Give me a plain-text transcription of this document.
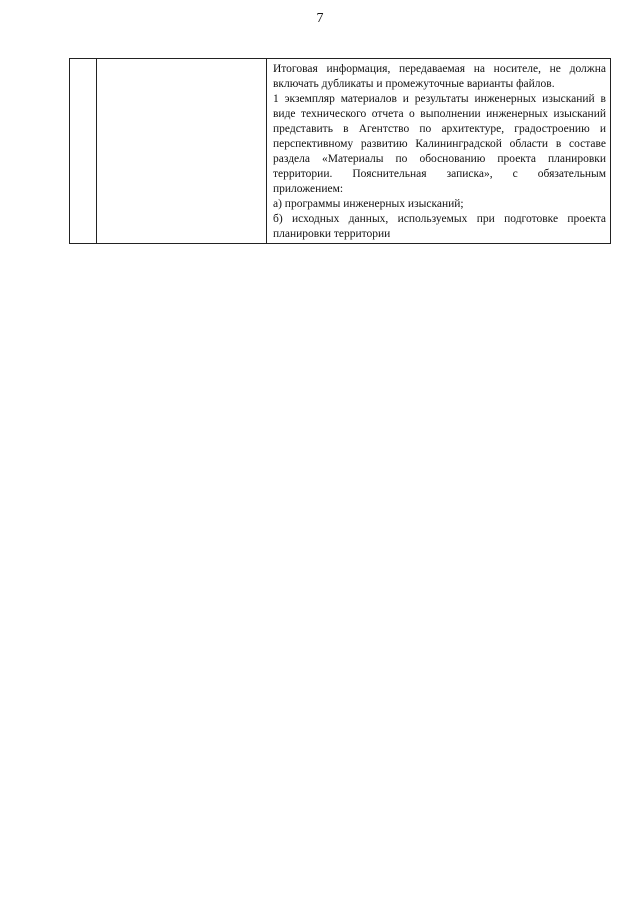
7

Итоговая информация, передаваемая на носителе, не должна включать дубликаты и промежуточные варианты файлов.

1 экземпляр материалов и результаты инженерных изысканий в виде технического отчета о выполнении инженерных изысканий представить в Агентство по архитектуре, градостроению и перспективному развитию Калининградской области в составе раздела «Материалы по обоснованию проекта планировки территории. Пояснительная записка», с обязательным приложением:

а) программы инженерных изысканий;

б) исходных данных, используемых при подготовке проекта планировки территории
